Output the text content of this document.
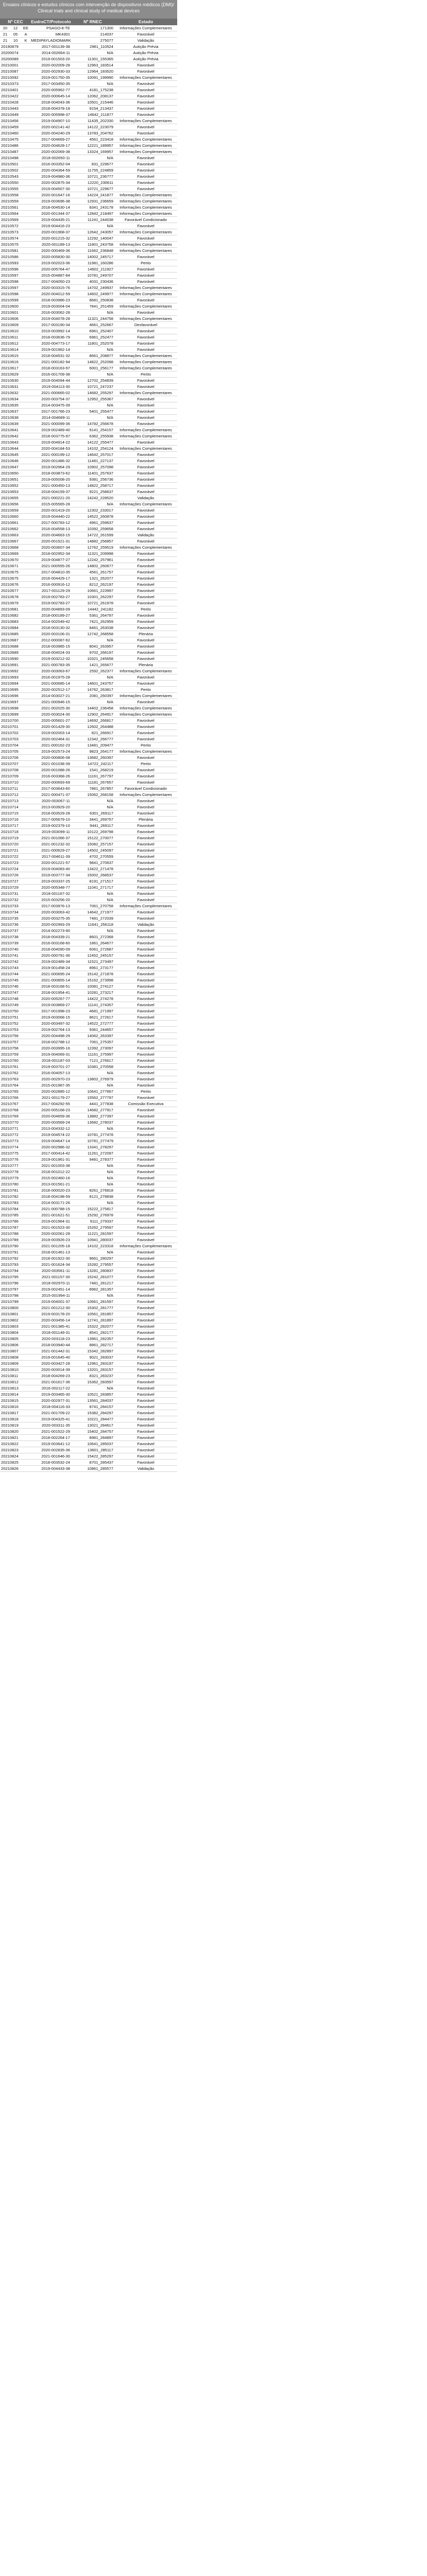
Ensaios clínicos e estudos clínicos com intervenção de dispositivos médicos (DMI)/ Clinical trials and clinical study of medical devices
Nº CEC	EudraCT/Protocolo	Nº RNEC	Estado
20	12	EE	PSAGO-8-TE	171300	Informações Complementares
21	05	A	MK4301	214037	Favorável
21	10	K MEDIPAYLADIOMARK	275077	Validação
20190879	2017-001139-38	2961_110524	Autição Prévia
20200074	2014-002664-11	N/A	Autição Prévia
20200089	2019-001503-20	11301_155365	Autição Prévia
20210001	2020-002009-28	12963_183514	Favorável
20210087	2020-002930-33	12964_183520	Favorável
20210092	2019-001750-35	10091_199990	Informações Complementares
20210373	2017-003450-35	N/A	Favorável
20210401	2020-005962-77	4181_175238	Favorável
20210422	2020-000645-14	12062_208137	Favorável
20210428	2018-004043-36	10501_215446	Favorável
20210443	2018-004378-18	9154_213437	Favorável
20210449	2020-005998-37	14642_211877	Favorável
20210456	2019-004907-10	11435_202330	Informações Complementares
20210459	2020-002141-42	14122_223079	Favorável
20210460	2020-004240-29	13783_204762	Favorável
20210475	2017-004669-27	4561_223418	Informações Complementares
20210486	2020-004628-17	12221_189957	Informações Complementares
20210487	2020-002069-38	13324_169957	Informações Complementares
20210498	2018-002650-11	N/A	Favorável
20210501	2016-003352-04	831_229677	Favorável
20210502	2020-004364-59	11755_224859	Favorável
20210543	2019-004980-36	10721_236777	Favorável
20210550	2020-002875-34	12220_230611	Favorável
20210555	2019-004507-30	10721_229677	Favorável
20210558	2020-001647-16	14224_241877	Informações Complementares
20210559	2019-003696-38	12931_236659	Informações Complementares
20210561	2018-004530-14	8341_243178	Informações Complementares
20210564	2020-001344-37	12842_218497	Informações Complementares
20210569	2019-004435-21	11241_244038	Favorável Condicionado
20210572	2019-004416-23	N/A	Favorável
20210573	2020-001968-37	12642_243057	Informações Complementares
20210574	2020-001215-32	12292_140047	Favorável
20210575	2020-001189-13	11801_243758	Informações Complementares
20210581	2020-000469-36	11662_236848	Informações Complementares
20210586	2020-005830-30	14002_245717	Favorável
20210593	2019-002023-36	11981_160286	Perito
20210596	2020-005764-47	14602_211927	Favorável
20210597	2015-004887-84	10781_249707	Favorável
20210598	2017-004050-23	4031_230436	Favorável
20210597	2020-003315-76	14702_249937	Informações Complementares
20210598	2020-004012-59	14602_249977	Informações Complementares
20210599	2018-003986-23	8681_250838	Favorável
20210600	2019-003004-04	7841_251459	Informações Complementares
20210601	2016-003062-28	N/A	Favorável
20210606	2019-004078-28	11321_244758	Informações Complementares
20210609	2017-003190-34	4661_252667	Desfavorável
20210610	2019-003992-14	6961_252407	Favorável
20210611	2018-003636-79	6961_252477	Favorável
20210612	2020-004773-17	11801_252078	Favorável
20210614	2019-001962-14	N/A	Favorável
20210615	2018-004531-32	8661_208877	Informações Complementares
20210616	2021-000182-94	14822_252098	Informações Complementares
20210617	2018-003163-97	6001_256177	Informações Complementares
20210629	2016-001709-38	N/A	Perito
20210630	2019-004094-44	12702_254839	Favorável
20210631	2019-004113-30	10721_247237	Favorável
20210632	2021-000665-02	14682_255297	Informações Complementares
20210634	2020-003754-37	12952_255367	Favorável
20210635	2014-003475-39	N/A	Favorável
20210637	2017-001766-23	5401_255477	Favorável
20210638	2014-004689-11	N/A	Favorável
20210639	2021-000099-36	14782_256678	Favorável
20210641	2019-002489-40	9141_254157	Informações Complementares
20210642	2018-003775-97	6362_255938	Informações Complementares
20210643	2019-004914-22	14122_255477	Favorável
20210644	2020-004184-53	14102_254124	Informações Complementares
20210645	2021-000199-12	14642_257017	Favorável
20210646	2020-001486-32	11481_227137	Favorável
20210647	2019-002964-29	10902_257098	Favorável
20210650	2018-003873-62	11401_257637	Favorável
20210651	2019-005008-20	9381_256736	Favorável
20210652	2021-000450-13	14822_258717	Favorável
20210653	2018-004159-37	9221_258637	Favorável
20210655	2021-000221-20	14242_228520	Validação
20210656	2015-005565-28	N/A	Informações Complementares
20210659	2020-001419-20	12302_233017	Favorável
20210660	2019-004440-22	14522_260878	Favorável
20210661	2017-000783-12	4961_259637	Favorável
20210662	2016-004558-13	10392_259658	Favorável
20210663	2020-004663-15	14722_261599	Validação
20210667	2020-001521-31	14882_256857	Favorável
20210668	2020-003607-34	12762_259519	Informações Complementares
20210669	2018-002952-34	11321_209998	Favorável
20210670	2019-004877-27	12242_257961	Favorável
20210671	2021-000555-26	14802_260677	Favorável
20210675	2017-004810-35	4561_261757	Favorável
20210675	2016-004429-17	1321_262077	Favorável
20210676	2016-000916-12	8212_262197	Favorável
20210677	2017-001129-29	10661_223997	Favorável
20210678	2019-002783-27	10301_262297	Favorável
20210679	2019-002783-27	10721_261978	Favorável
20210681	2020-004893-09	14442_241182	Perito
20210682	2018-000189-27	5361_264797	Favorável
20210683	2014-002049-42	7421_262959	Favorável
20210684	2018-003130-32	8461_263038	Favorável
20210685	2020-003106-31	12742_268558	Plenária
20210687	2012-000087-62	N/A	Favorável
20210688	2018-003985-15	8041_263957	Favorável
20210689	2018-004024-33	9702_266197	Favorável
20210690	2019-003212-32	10321_245658	Favorável
20210691	2021-000783-35	1421_265677	Plenária
20210692	2020-003063-67	2592_262377	Informações Complementares
20210693	2016-001975-28	N/A	Favorável
20210694	2021-000685-14	14601_243757	Favorável
20210695	2020-002512-17	14762_263817	Perito
20210696	2014-003027-21	2081_260397	Informações Complementares
20210697	2021-000946-15	N/A	Favorável
20210698	2021-002025-30	14402_236458	Informações Complementares
20210699	2020-003024-30	12902_264917	Informações Complementares
20210700	2020-005601-27	14692_266817	Favorável
20210701	2020-001429-30	12602_264488	Favorável
20210702	2019-002003-14	821_266917	Favorável
20210703	2020-002464-31	12342_266777	Favorável
20210704	2021-000162-23	13481_209477	Perito
20210705	2019-002573-24	9823_264177	Informações Complementares
20210706	2020-000806-08	13682_260397	Favorável
20210707	2021-001038-39	14722_242117	Perito
20210708	2020-001088-26	1541_268219	Favorável
20210709	2016-003368-26	11161_267797	Favorável
20210710	2020-000693-69	11181_267657	Favorável
20210711	2017-003643-60	7861_267857	Favorável Condicionado
20210712	2021-000471-37	15062_268158	Informações Complementares
20210713	2020-003067-11	N/A	Favorável
20210714	2013-003929-20	N/A	Favorável
20210715	2018-003529-28	6301_269117	Favorável
20210716	2017-005679-10	3441_269757	Plenária
20210717	2019-002379-10	9441_269117	Favorável
20210718	2019-003099-11	10122_269798	Favorável
20210719	2021-001066-37	15122_270077	Favorável
20210720	2021-001232-32	15082_257157	Favorável
20210721	2021-000629-27	14502_245097	Favorável
20210722	2017-004611-39	4702_270559	Favorável
20210723	2020-001221-57	9841_270637	Favorável
20210724	2019-004083-40	13422_271478	Favorável
20210726	2019-003777-34	15002_268537	Favorável
20210727	2019-003337-25	8191_271517	Favorável
20210729	2020-005348-77	11041_271717	Favorável
20210731	2018-001167-32	N/A	Favorável
20210732	2015-003256-20	N/A	Favorável
20210733	2017-003976-13	7061_270758	Informações Complementares
20210734	2020-003063-42	14642_271977	Favorável
20210735	2020-003275-35	7481_272039	Favorável
20210736	2020-002993-29	11641_256118	Validação
20210737	2014-002273-90	N/A	Favorável
20210738	2018-004339-21	8601_272368	Favorável
20210739	2016-003168-60	1861_264677	Favorável
20210740	2018-004090-09	6061_272687	Favorável
20210741	2020-000791-36	12452_245157	Favorável
20210742	2019-002489-34	11521_273497	Favorável
20210743	2019-001458-24	8961_273177	Favorável
20210744	2021-000695-24	15142_271878	Favorável
20210745	2021-000855-14	15162_273998	Favorável
20210746	2018-003168-51	10081_274127	Favorável
20210747	2018-001954-41	10281_273217	Favorável
20210748	2020-005267-77	14422_274278	Favorável
20210749	2019-003869-27	11141_274357	Favorável
20210750	2017-001998-23	4681_271997	Favorável
20210751	2019-003068-15	8621_272617	Favorável
20210752	2020-003497-32	14522_272777	Favorável
20210753	2019-002764-13	9361_244657	Favorável
20210756	2020-004498-29	14062_263397	Favorável
20210757	2018-002788-12	7061_275357	Favorável
20210758	2020-003995-16	12392_273097	Favorável
20210759	2019-004069-31	11161_275997	Favorável
20210760	2018-001187-03	7121_276617	Favorável
20210761	2019-003701-27	10381_270558	Favorável
20210762	2016-004057-13	N/A	Favorável
20210763	2020-002970-23	13802_276979	Favorável
20210764	2015-001987-35	N/A	Favorável
20210765	2020-002885-12	10641_277667	Perito
20210766	2021-001179-27	15562_277797	Favorável
20210767	2017-004292-55	4441_277838	Comissão Executiva
20210768	2020-005168-23	14682_277917	Favorável
20210769	2020-004659-36	13882_277397	Favorável
20210770	2020-003569-24	13682_278037	Favorável
20210771	2013-004332-12	N/A	Favorável
20210772	2019-004574-22	10781_277478	Favorável
20210773	2019-004647-14	10781_277479	Favorável
20210774	2020-002986-32	13341_278297	Favorável
20210775	2017-000414-42	11261_272097	Favorável
20210776	2019-001961-31	9481_278377	Favorável
20210777	2021-001003-38	N/A	Favorável
20210778	2018-001012-22	N/A	Favorável
20210779	2015-002460-16	N/A	Favorável
20210780	2013-001561-21	N/A	Favorável
20210781	2018-000020-23	8261_276818	Favorável
20210782	2018-004198-59	8121_278838	Favorável
20210783	2014-003171-26	N/A	Favorável
20210784	2021-000788-15	15222_275817	Favorável
20210785	2021-001621-51	15292_276978	Favorável
20210786	2019-001964-31	9111_279337	Favorável
20210787	2021-001523-30	15262_279597	Favorável
20210788	2020-002061-28	11221_281597	Favorável
20210789	2019-003926-23	10941_280037	Favorável
20210790	2021-001205-18	14102_223318	Informações Complementares
20210791	2018-001461-13	N/A	Favorável
20210792	2018-001922-30	9661_280297	Favorável
20210793	2021-001624-34	15282_279557	Favorável
20210794	2020-003561-11	13281_280837	Favorável
20210795	2021-001157-30	15242_281077	Favorável
20210796	2018-002970-11	7481_281217	Favorável
20210797	2019-002451-14	8962_281357	Favorável
20210798	2015-001994-11	N/A	Favorável
20210799	2019-004001-37	10661_281597	Favorável
20210800	2021-001212-30	15302_281777	Favorável
20210801	2019-003178-20	10561_281857	Favorável
20210802	2020-003456-14	12741_281897	Favorável
20210803	2021-001385-41	15322_282077	Favorável
20210804	2018-001149-31	8541_282177	Favorável
20210805	2020-003118-23	13961_282357	Favorável
20210806	2018-003940-44	8861_282717	Favorável
20210807	2021-001442-31	15342_282897	Favorável
20210808	2019-001645-40	9021_283037	Favorável
20210809	2020-003427-28	12961_283197	Favorável
20210810	2020-003014-39	13201_283157	Favorável
20210811	2018-004269-23	8321_283237	Favorável
20210812	2021-001617-36	15362_283597	Favorável
20210813	2016-002117-22	N/A	Favorável
20210814	2019-003465-30	10521_283857	Favorável
20210815	2020-002977-31	13561_284037	Favorável
20210816	2018-004116-33	8741_284157	Favorável
20210817	2021-001709-22	15382_284297	Favorável
20210818	2019-004325-41	10221_284477	Favorável
20210819	2020-003311-35	13021_284617	Favorável
20210820	2021-001522-29	15402_284757	Favorável
20210821	2018-002264-17	8981_284897	Favorável
20210822	2019-003641-12	10641_285037	Favorável
20210823	2020-002835-36	13601_285117	Favorável
20210824	2021-001646-30	15422_285297	Favorável
20210825	2018-003532-24	8701_285437	Favorável
20210826	2019-004433-38	10861_285577	Validação
